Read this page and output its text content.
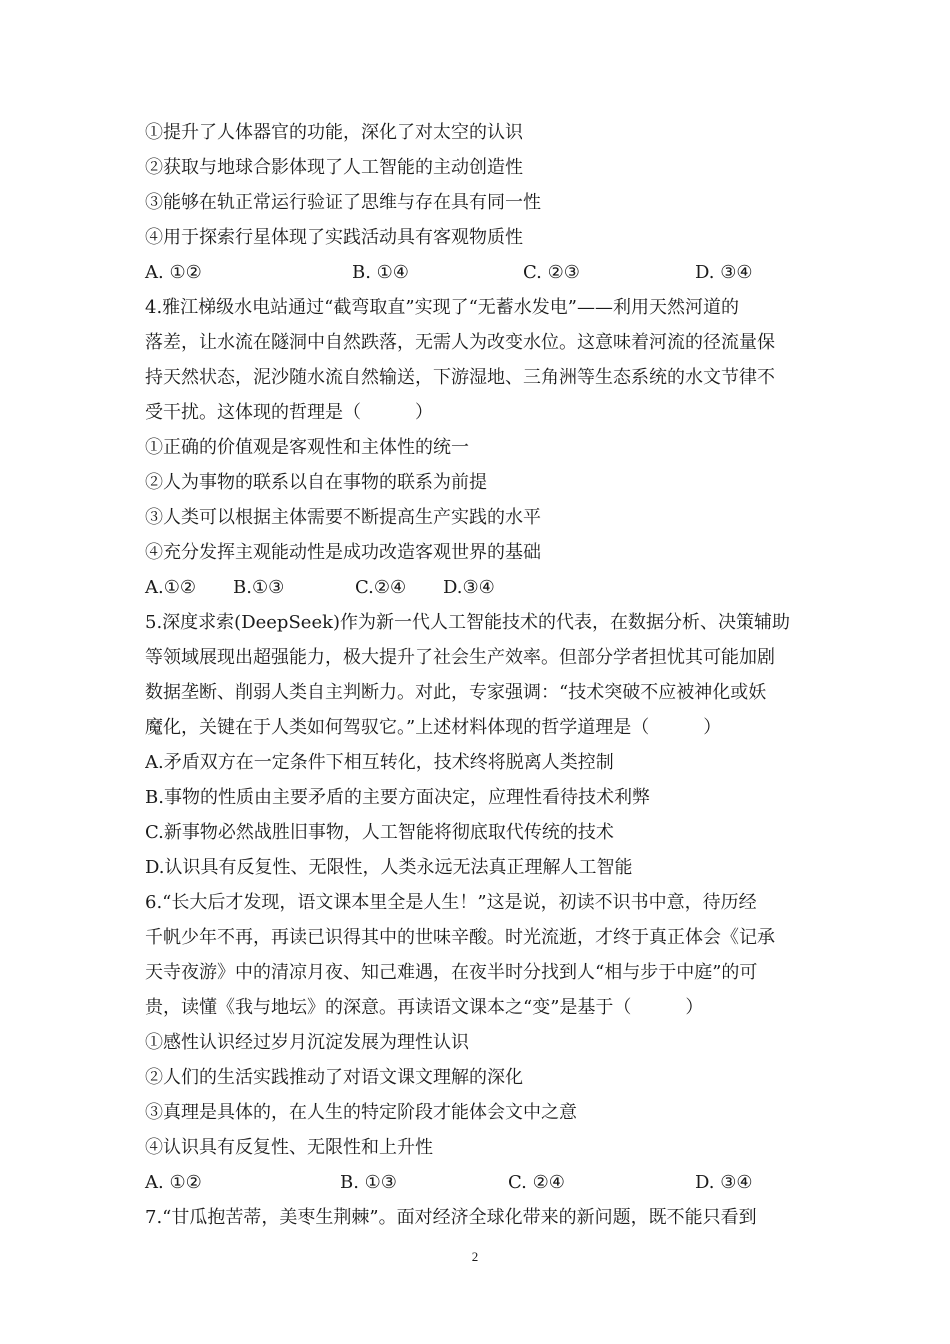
①提升了人体器官的功能，深化了对太空的认识
②获取与地球合影体现了人工智能的主动创造性
③能够在轨正常运行验证了思维与存在具有同一性
④用于探索行星体现了实践活动具有客观物质性
A. ①②	B. ①④	C. ②③	D. ③④
4.雅江梯级水电站通过“截弯取直”实现了“无蓄水发电”——利用天然河道的
落差，让水流在隧洞中自然跌落，无需人为改变水位。这意味着河流的径流量保
持天然状态，泥沙随水流自然输送，下游湿地、三角洲等生态系统的水文节律不
受干扰。这体现的哲理是（　　　）
①正确的价值观是客观性和主体性的统一
②人为事物的联系以自在事物的联系为前提
③人类可以根据主体需要不断提高生产实践的水平
④充分发挥主观能动性是成功改造客观世界的基础
A.①② B.①③	C.②④ D.③④
5.深度求索(DeepSeek)作为新一代人工智能技术的代表，在数据分析、决策辅助
等领域展现出超强能力，极大提升了社会生产效率。但部分学者担忧其可能加剧
数据垄断、削弱人类自主判断力。对此，专家强调：“技术突破不应被神化或妖
魔化，关键在于人类如何驾驭它。”上述材料体现的哲学道理是（　　　）
A.矛盾双方在一定条件下相互转化，技术终将脱离人类控制
B.事物的性质由主要矛盾的主要方面决定，应理性看待技术利弊
C.新事物必然战胜旧事物，人工智能将彻底取代传统的技术
D.认识具有反复性、无限性，人类永远无法真正理解人工智能
6.“长大后才发现，语文课本里全是人生！”这是说，初读不识书中意，待历经
千帆少年不再，再读已识得其中的世味辛酸。时光流逝，才终于真正体会《记承
天寺夜游》中的清凉月夜、知己难遇，在夜半时分找到人“相与步于中庭”的可
贵，读懂《我与地坛》的深意。再读语文课本之“变”是基于（　　　）
①感性认识经过岁月沉淀发展为理性认识
②人们的生活实践推动了对语文课文理解的深化
③真理是具体的，在人生的特定阶段才能体会文中之意
④认识具有反复性、无限性和上升性
A. ①②	B. ①③	C. ②④	D. ③④
7.“甘瓜抱苦蒂，美枣生荆棘”。面对经济全球化带来的新问题，既不能只看到
2
